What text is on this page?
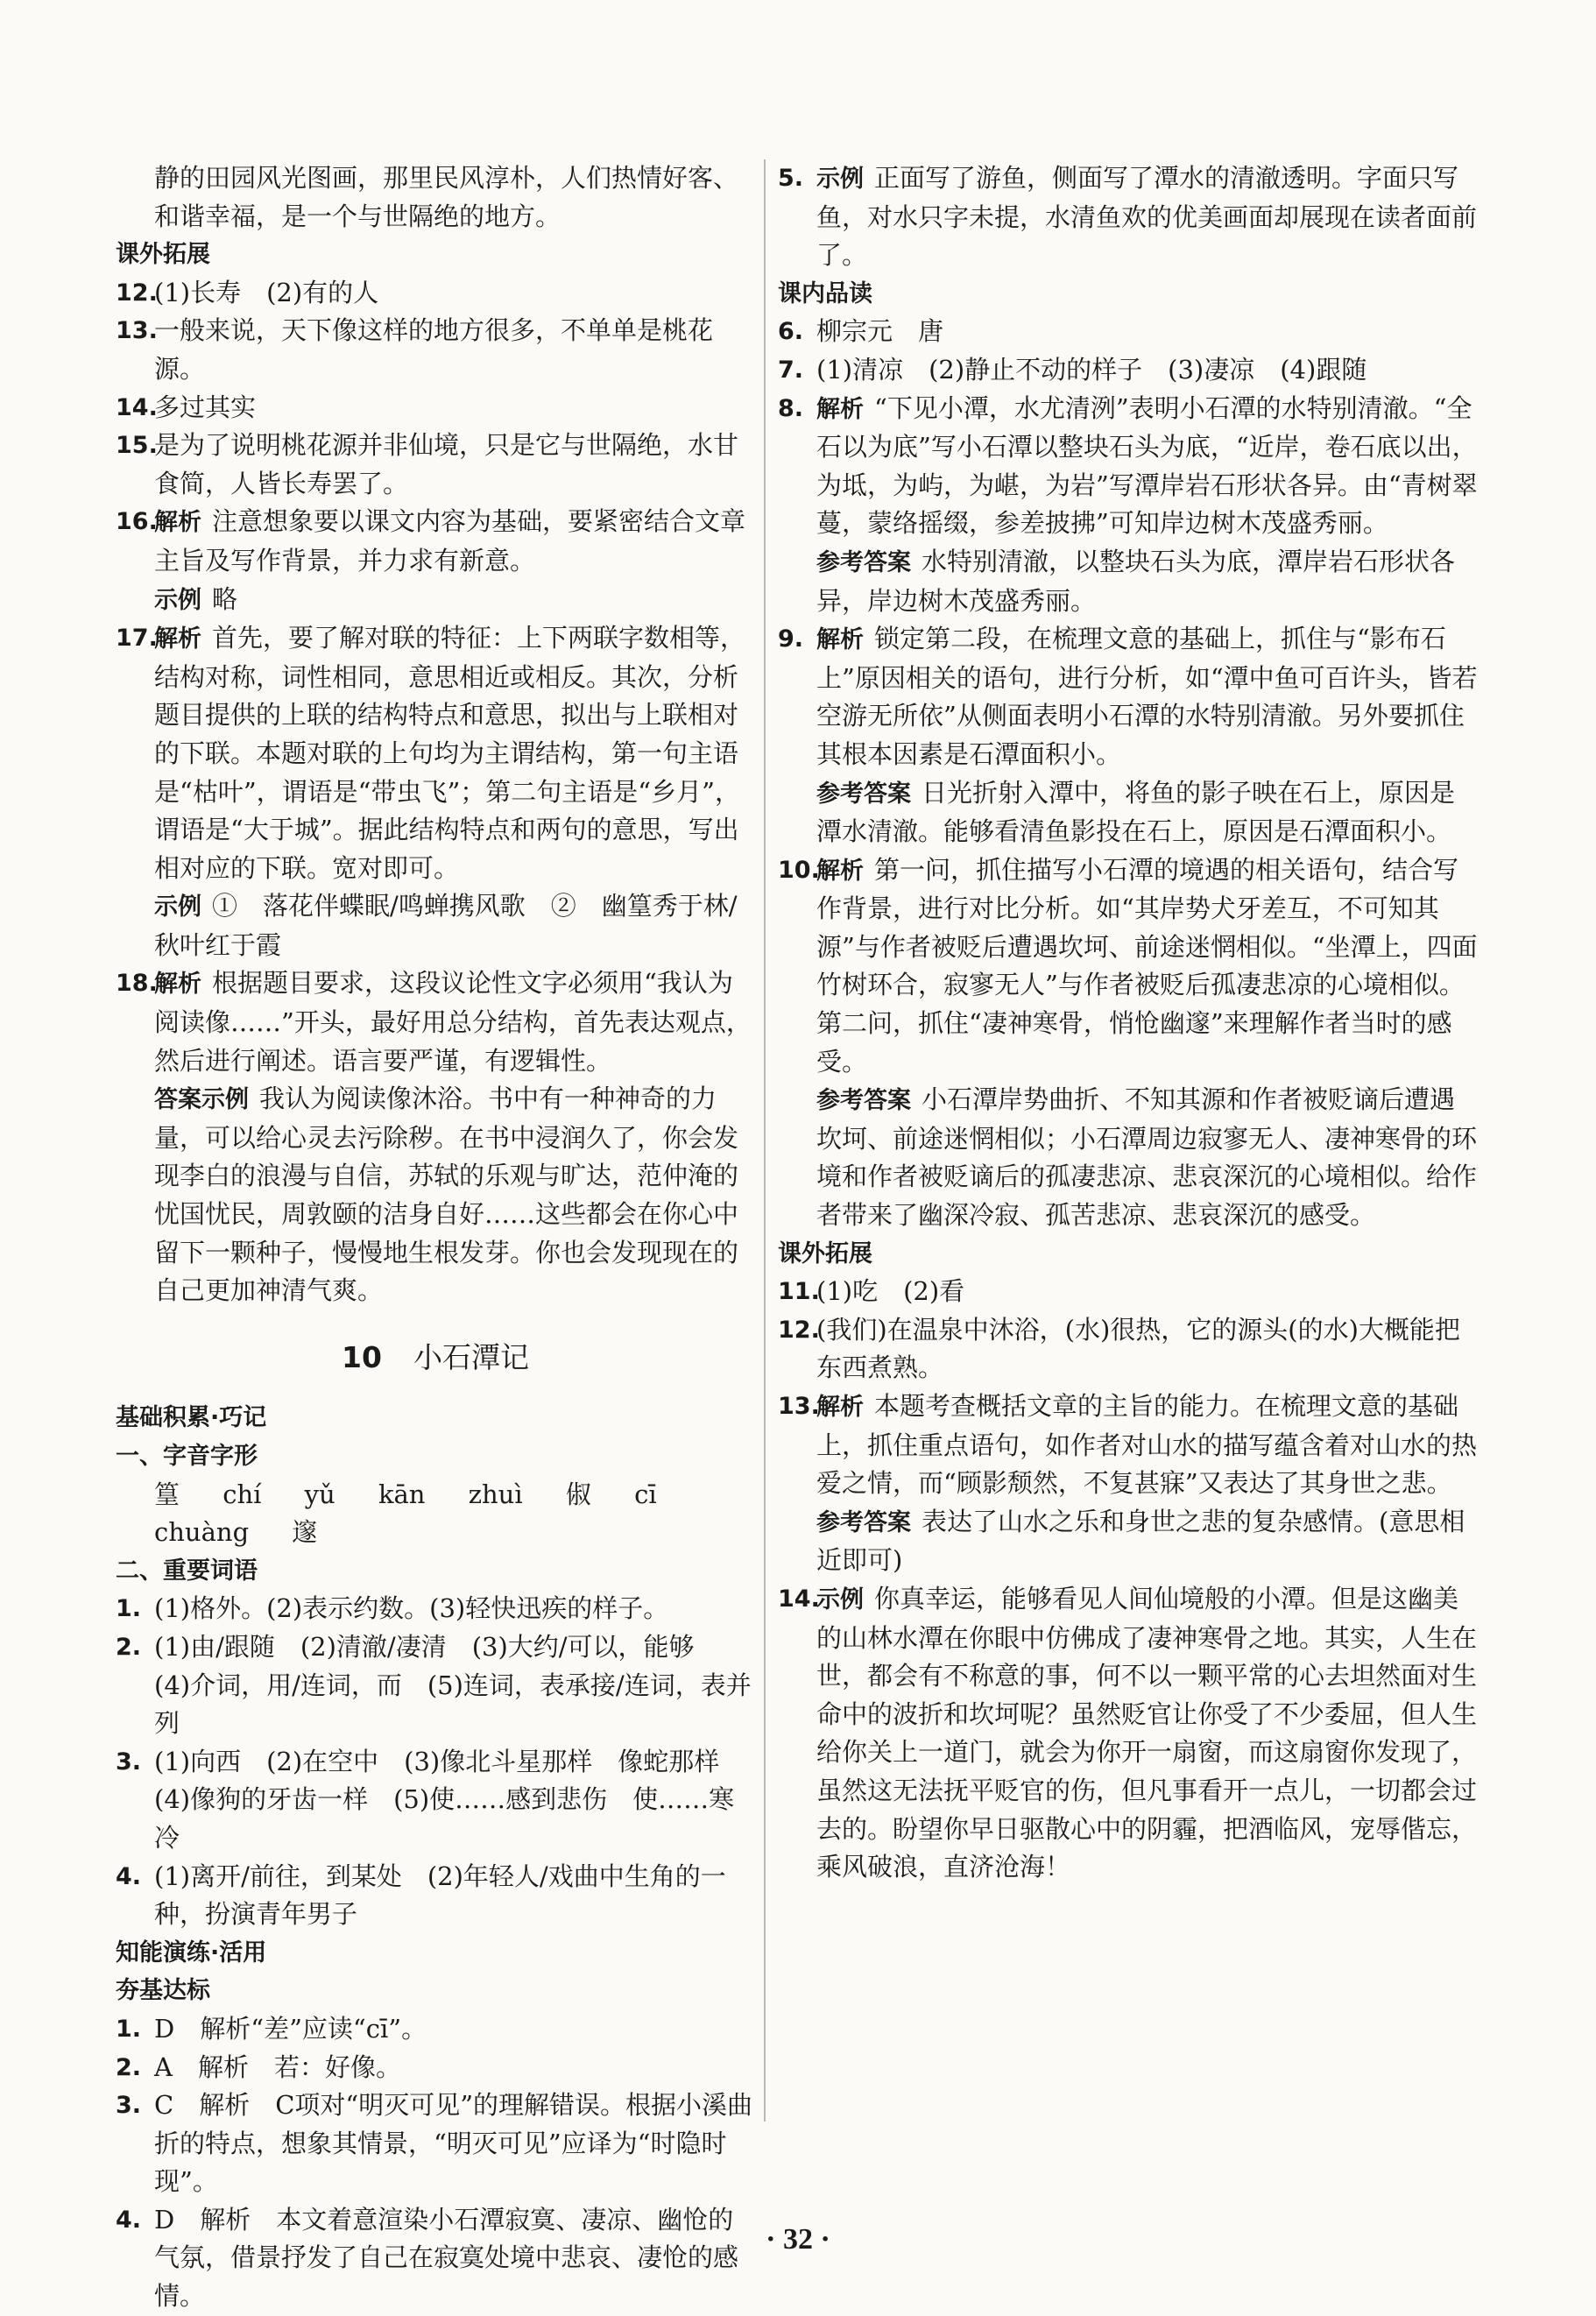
静的田园风光图画，那里民风淳朴，人们热情好客、和谐幸福，是一个与世隔绝的地方。
课外拓展
12.
(1)长寿　(2)有的人
13.
一般来说，天下像这样的地方很多，不单单是桃花源。
14.
多过其实
15.
是为了说明桃花源并非仙境，只是它与世隔绝，水甘食简，人皆长寿罢了。
16.
解析 注意想象要以课文内容为基础，要紧密结合文章主旨及写作背景，并力求有新意。
示例 略
17.
解析 首先，要了解对联的特征：上下两联字数相等，结构对称，词性相同，意思相近或相反。其次，分析题目提供的上联的结构特点和意思，拟出与上联相对的下联。本题对联的上句均为主谓结构，第一句主语是“枯叶”，谓语是“带虫飞”；第二句主语是“乡月”，谓语是“大于城”。据此结构特点和两句的意思，写出相对应的下联。宽对即可。
示例 ①　落花伴蝶眠/鸣蝉携风歌　②　幽篁秀于林/秋叶红于霞
18.
解析 根据题目要求，这段议论性文字必须用“我认为阅读像……”开头，最好用总分结构，首先表达观点，然后进行阐述。语言要严谨，有逻辑性。
答案示例 我认为阅读像沐浴。书中有一种神奇的力量，可以给心灵去污除秽。在书中浸润久了，你会发现李白的浪漫与自信，苏轼的乐观与旷达，范仲淹的忧国忧民，周敦颐的洁身自好……这些都会在你心中留下一颗种子，慢慢地生根发芽。你也会发现现在的自己更加神清气爽。
10 小石潭记
基础积累·巧记
一、字音字形
篁 chí yǔ kān zhuì 俶 cī chuàng 邃
二、重要词语
1. (1)格外。(2)表示约数。(3)轻快迅疾的样子。
2. (1)由/跟随　(2)清澈/凄清　(3)大约/可以，能够　(4)介词，用/连词，而　(5)连词，表承接/连词，表并列
3. (1)向西　(2)在空中　(3)像北斗星那样　像蛇那样　(4)像狗的牙齿一样　(5)使……感到悲伤　使……寒冷
4. (1)离开/前往，到某处　(2)年轻人/戏曲中生角的一种，扮演青年男子
知能演练·活用
夯基达标
1. D　解析“差”应读“cī”。
2. A　解析　若：好像。
3. C　解析　C项对“明灭可见”的理解错误。根据小溪曲折的特点，想象其情景，“明灭可见”应译为“时隐时现”。
4. D　解析　本文着意渲染小石潭寂寞、凄凉、幽怆的气氛，借景抒发了自己在寂寞处境中悲哀、凄怆的感情。
5. 示例 正面写了游鱼，侧面写了潭水的清澈透明。字面只写鱼，对水只字未提，水清鱼欢的优美画面却展现在读者面前了。
课内品读
6. 柳宗元　唐
7. (1)清凉　(2)静止不动的样子　(3)凄凉　(4)跟随
8. 解析 “下见小潭，水尤清洌”表明小石潭的水特别清澈。“全石以为底”写小石潭以整块石头为底，“近岸，卷石底以出，为坻，为屿，为嵁，为岩”写潭岸岩石形状各异。由“青树翠蔓，蒙络摇缀，参差披拂”可知岸边树木茂盛秀丽。
参考答案 水特别清澈，以整块石头为底，潭岸岩石形状各异，岸边树木茂盛秀丽。
9. 解析 锁定第二段，在梳理文意的基础上，抓住与“影布石上”原因相关的语句，进行分析，如“潭中鱼可百许头，皆若空游无所依”从侧面表明小石潭的水特别清澈。另外要抓住其根本因素是石潭面积小。
参考答案 日光折射入潭中，将鱼的影子映在石上，原因是潭水清澈。能够看清鱼影投在石上，原因是石潭面积小。
10.
解析 第一问，抓住描写小石潭的境遇的相关语句，结合写作背景，进行对比分析。如“其岸势犬牙差互，不可知其源”与作者被贬后遭遇坎坷、前途迷惘相似。“坐潭上，四面竹树环合，寂寥无人”与作者被贬后孤凄悲凉的心境相似。第二问，抓住“凄神寒骨，悄怆幽邃”来理解作者当时的感受。
参考答案 小石潭岸势曲折、不知其源和作者被贬谪后遭遇坎坷、前途迷惘相似；小石潭周边寂寥无人、凄神寒骨的环境和作者被贬谪后的孤凄悲凉、悲哀深沉的心境相似。给作者带来了幽深冷寂、孤苦悲凉、悲哀深沉的感受。
课外拓展
11.
(1)吃　(2)看
12.
(我们)在温泉中沐浴，(水)很热，它的源头(的水)大概能把东西煮熟。
13.
解析 本题考查概括文章的主旨的能力。在梳理文意的基础上，抓住重点语句，如作者对山水的描写蕴含着对山水的热爱之情，而“顾影颓然，不复甚寐”又表达了其身世之悲。
参考答案 表达了山水之乐和身世之悲的复杂感情。(意思相近即可)
14.
示例 你真幸运，能够看见人间仙境般的小潭。但是这幽美的山林水潭在你眼中仿佛成了凄神寒骨之地。其实，人生在世，都会有不称意的事，何不以一颗平常的心去坦然面对生命中的波折和坎坷呢？虽然贬官让你受了不少委屈，但人生给你关上一道门，就会为你开一扇窗，而这扇窗你发现了，虽然这无法抚平贬官的伤，但凡事看开一点儿，一切都会过去的。盼望你早日驱散心中的阴霾，把酒临风，宠辱偕忘，乘风破浪，直济沧海！
· 32 ·
